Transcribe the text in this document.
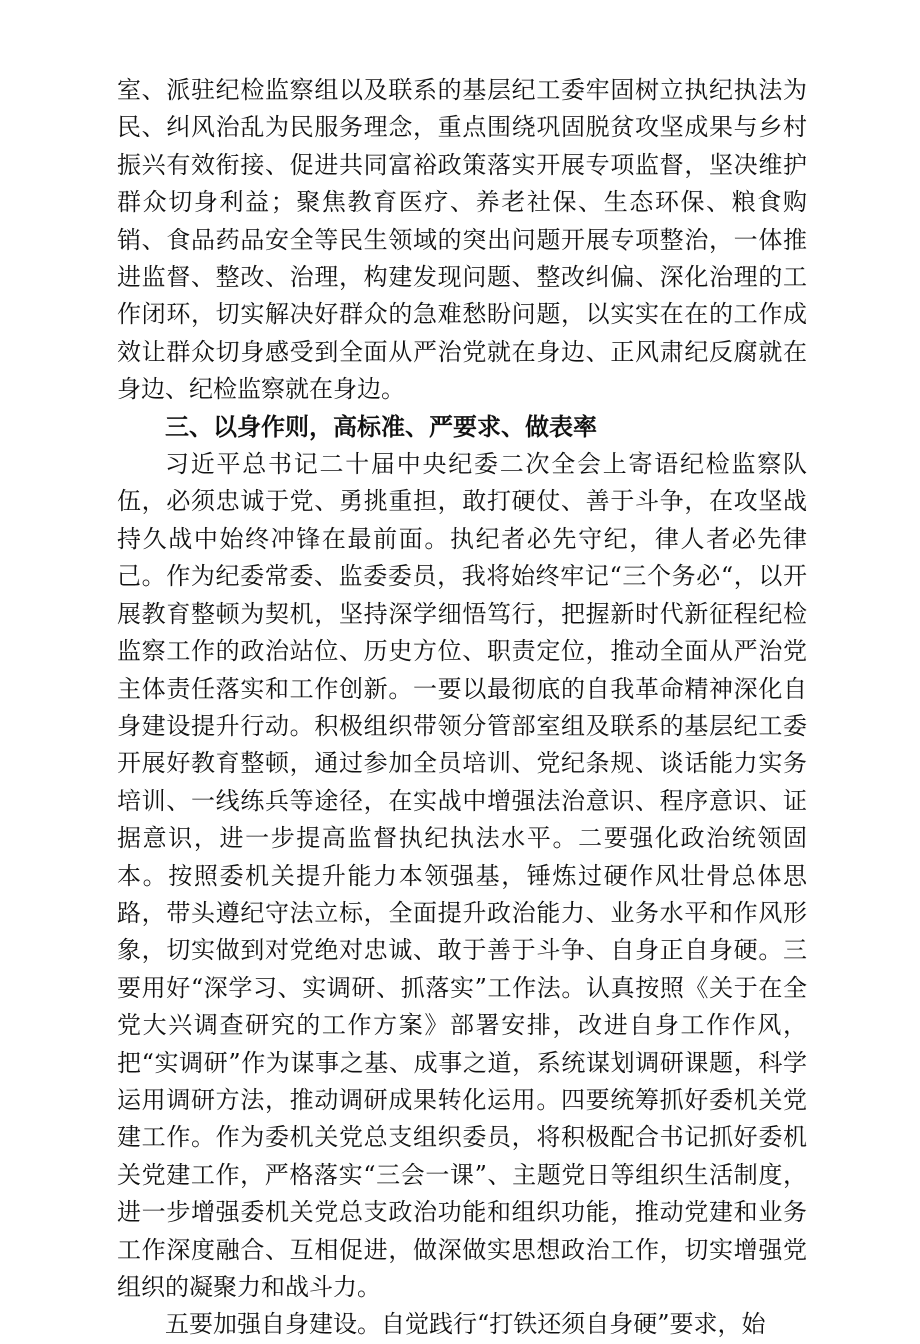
室、派驻纪检监察组以及联系的基层纪工委牢固树立执纪执法为民、纠风治乱为民服务理念，重点围绕巩固脱贫攻坚成果与乡村振兴有效衔接、促进共同富裕政策落实开展专项监督，坚决维护群众切身利益；聚焦教育医疗、养老社保、生态环保、粮食购销、食品药品安全等民生领域的突出问题开展专项整治，一体推进监督、整改、治理，构建发现问题、整改纠偏、深化治理的工作闭环，切实解决好群众的急难愁盼问题，以实实在在的工作成效让群众切身感受到全面从严治党就在身边、正风肃纪反腐就在身边、纪检监察就在身边。

三、以身作则，高标准、严要求、做表率

习近平总书记二十届中央纪委二次全会上寄语纪检监察队伍，必须忠诚于党、勇挑重担，敢打硬仗、善于斗争，在攻坚战持久战中始终冲锋在最前面。执纪者必先守纪，律人者必先律己。作为纪委常委、监委委员，我将始终牢记“三个务必“，以开展教育整顿为契机，坚持深学细悟笃行，把握新时代新征程纪检监察工作的政治站位、历史方位、职责定位，推动全面从严治党主体责任落实和工作创新。一要以最彻底的自我革命精神深化自身建设提升行动。积极组织带领分管部室组及联系的基层纪工委开展好教育整顿，通过参加全员培训、党纪条规、谈话能力实务培训、一线练兵等途径，在实战中增强法治意识、程序意识、证据意识，进一步提高监督执纪执法水平。二要强化政治统领固本。按照委机关提升能力本领强基，锤炼过硬作风壮骨总体思路，带头遵纪守法立标，全面提升政治能力、业务水平和作风形象，切实做到对党绝对忠诚、敢于善于斗争、自身正自身硬。三要用好“深学习、实调研、抓落实”工作法。认真按照《关于在全党大兴调查研究的工作方案》部署安排，改进自身工作作风，把“实调研”作为谋事之基、成事之道，系统谋划调研课题，科学运用调研方法，推动调研成果转化运用。四要统筹抓好委机关党建工作。作为委机关党总支组织委员，将积极配合书记抓好委机关党建工作，严格落实“三会一课”、主题党日等组织生活制度，进一步增强委机关党总支政治功能和组织功能，推动党建和业务工作深度融合、互相促进，做深做实思想政治工作，切实增强党组织的凝聚力和战斗力。

五要加强自身建设。自觉践行“打铁还须自身硬”要求，始
